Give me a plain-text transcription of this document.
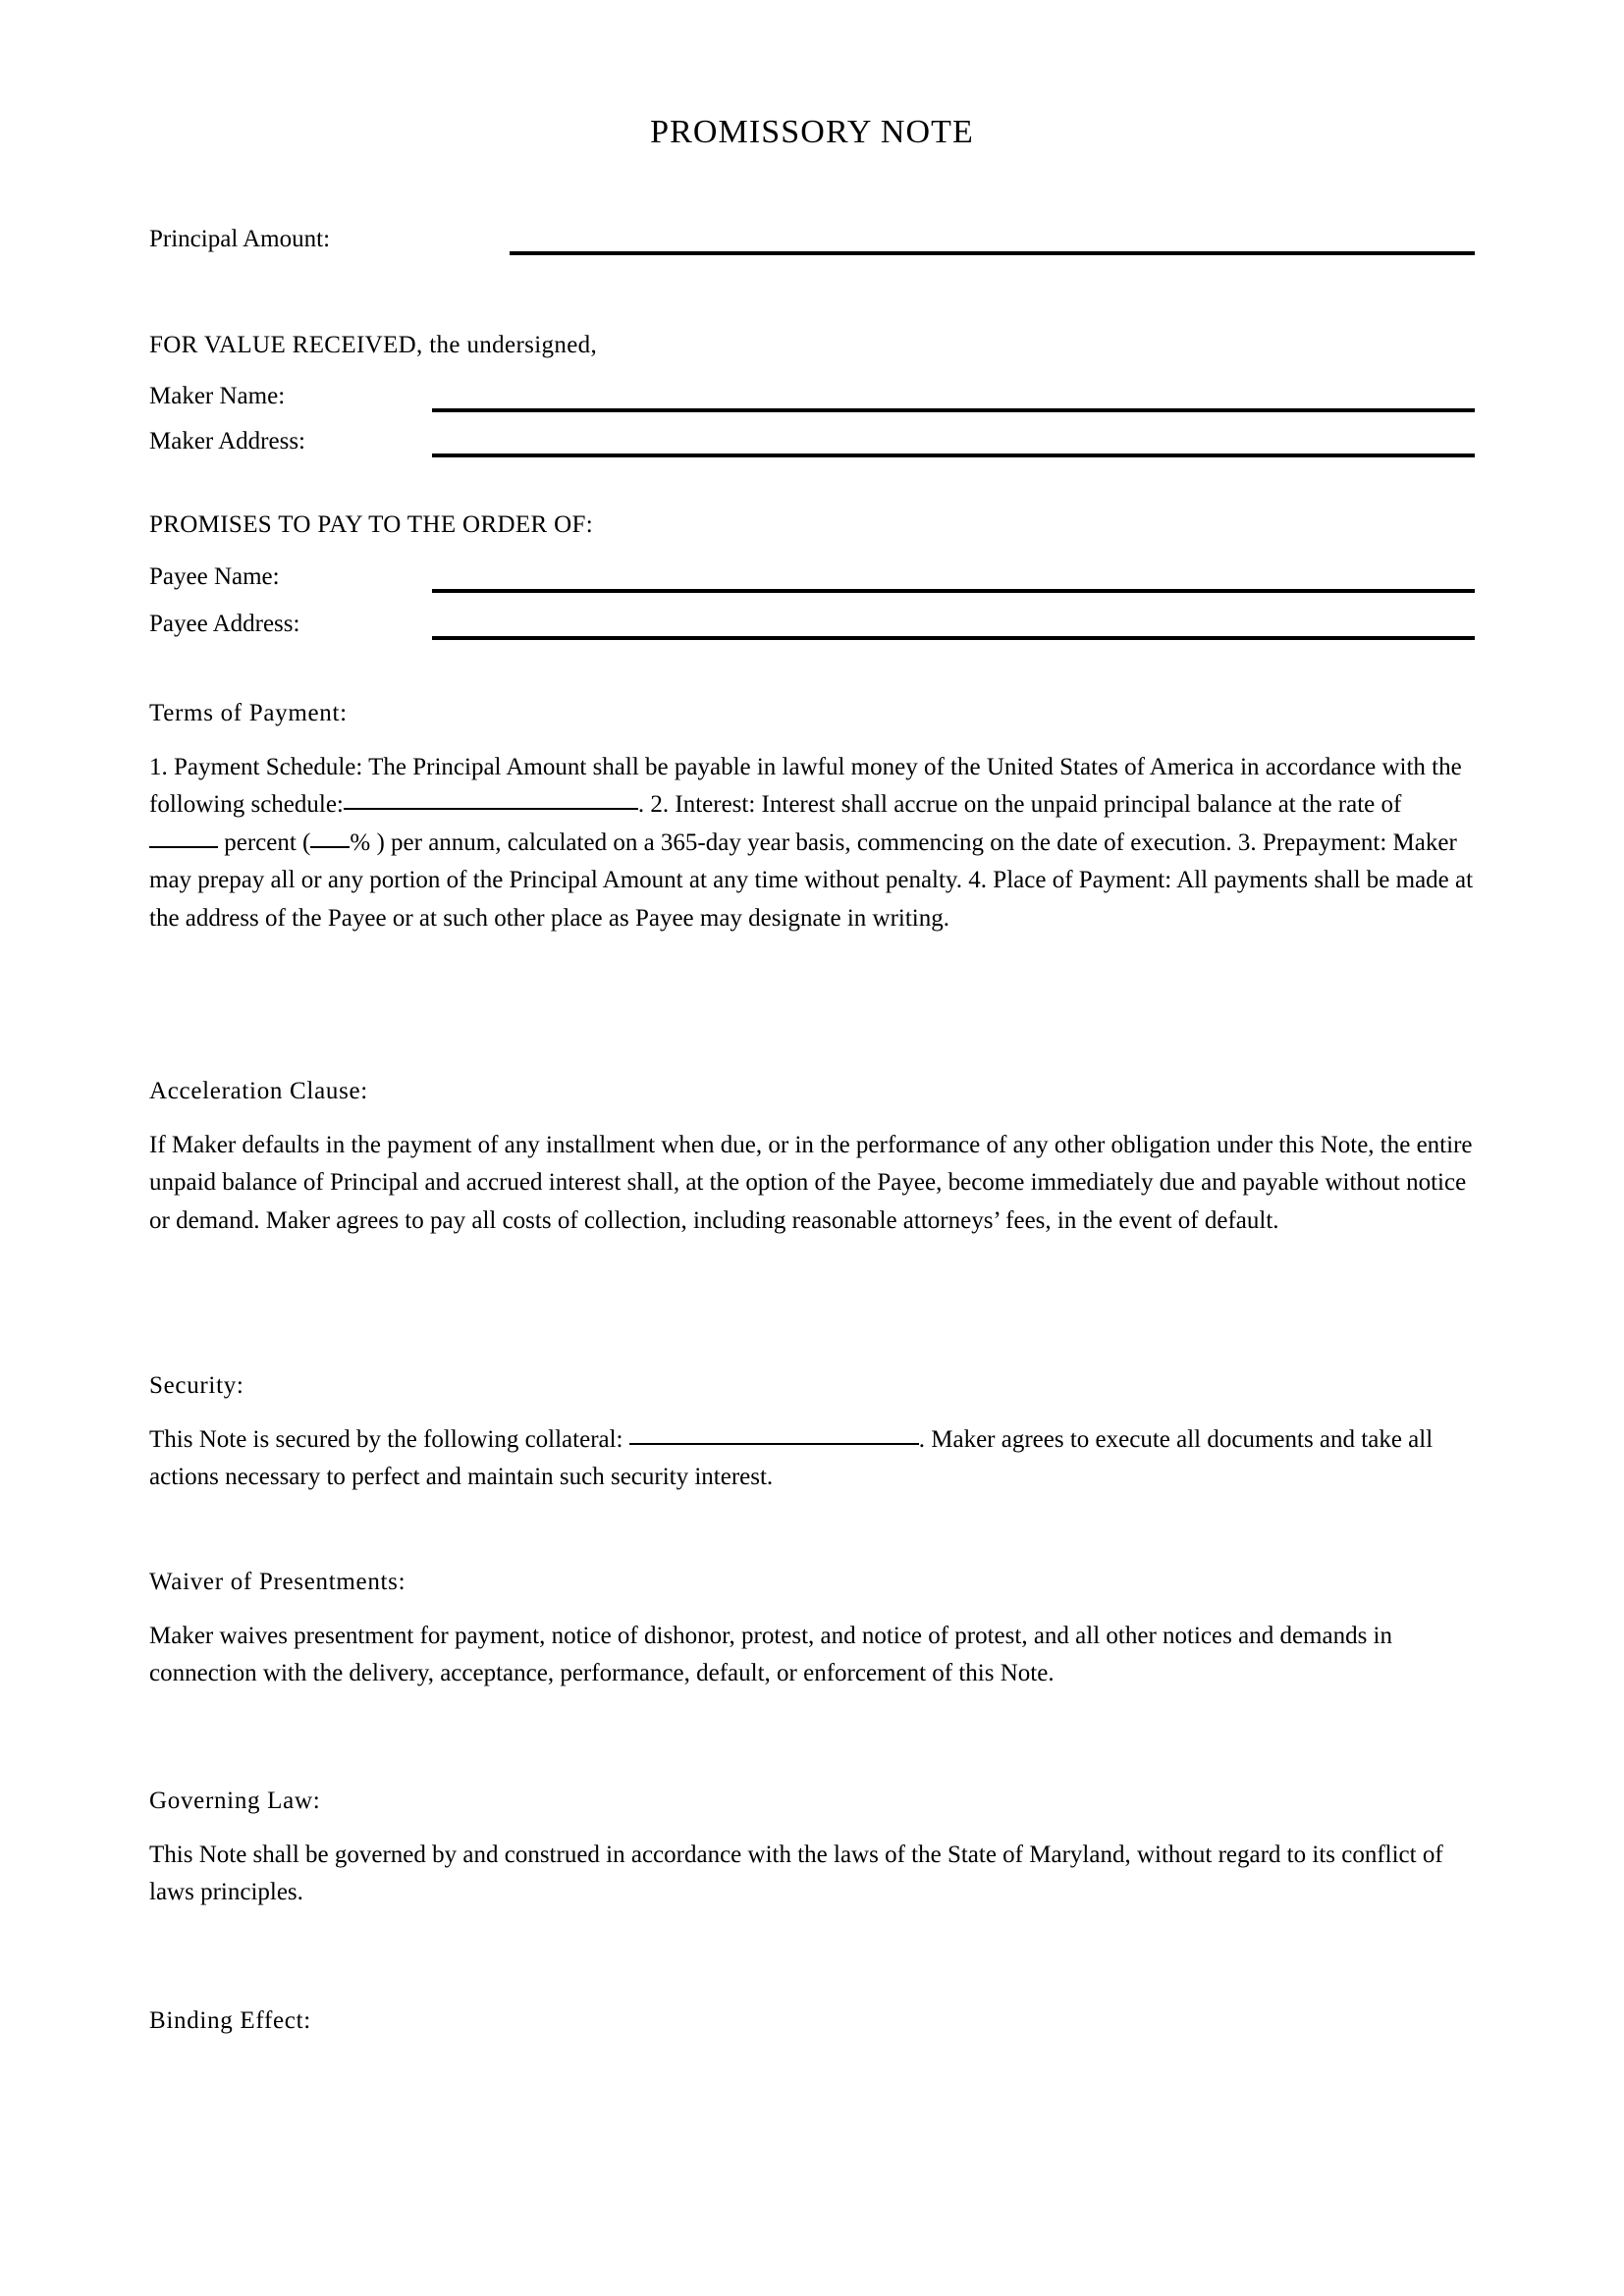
PROMISSORY NOTE
Principal Amount:
FOR VALUE RECEIVED, the undersigned,
Maker Name:
Maker Address:
PROMISES TO PAY TO THE ORDER OF:
Payee Name:
Payee Address:
Terms of Payment:
1. Payment Schedule: The Principal Amount shall be payable in lawful money of the United States of America in accordance with the following schedule:	. 2. Interest: Interest shall accrue on the unpaid principal balance at the rate of  percent ( % ) per annum, calculated on a 365-day year basis, commencing on the date of execution. 3. Prepayment: Maker may prepay all or any portion of the Principal Amount at any time without penalty. 4. Place of Payment: All payments shall be made at the address of the Payee or at such other place as Payee may designate in writing.
Acceleration Clause:
If Maker defaults in the payment of any installment when due, or in the performance of any other obligation under this Note, the entire unpaid balance of Principal and accrued interest shall, at the option of the Payee, become immediately due and payable without notice or demand. Maker agrees to pay all costs of collection, including reasonable attorneys’ fees, in the event of default.
Security:
This Note is secured by the following collateral:	. Maker agrees to execute all documents and take all actions necessary to perfect and maintain such security interest.
Waiver of Presentments:
Maker waives presentment for payment, notice of dishonor, protest, and notice of protest, and all other notices and demands in connection with the delivery, acceptance, performance, default, or enforcement of this Note.
Governing Law:
This Note shall be governed by and construed in accordance with the laws of the State of Maryland, without regard to its conflict of laws principles.
Binding Effect:
